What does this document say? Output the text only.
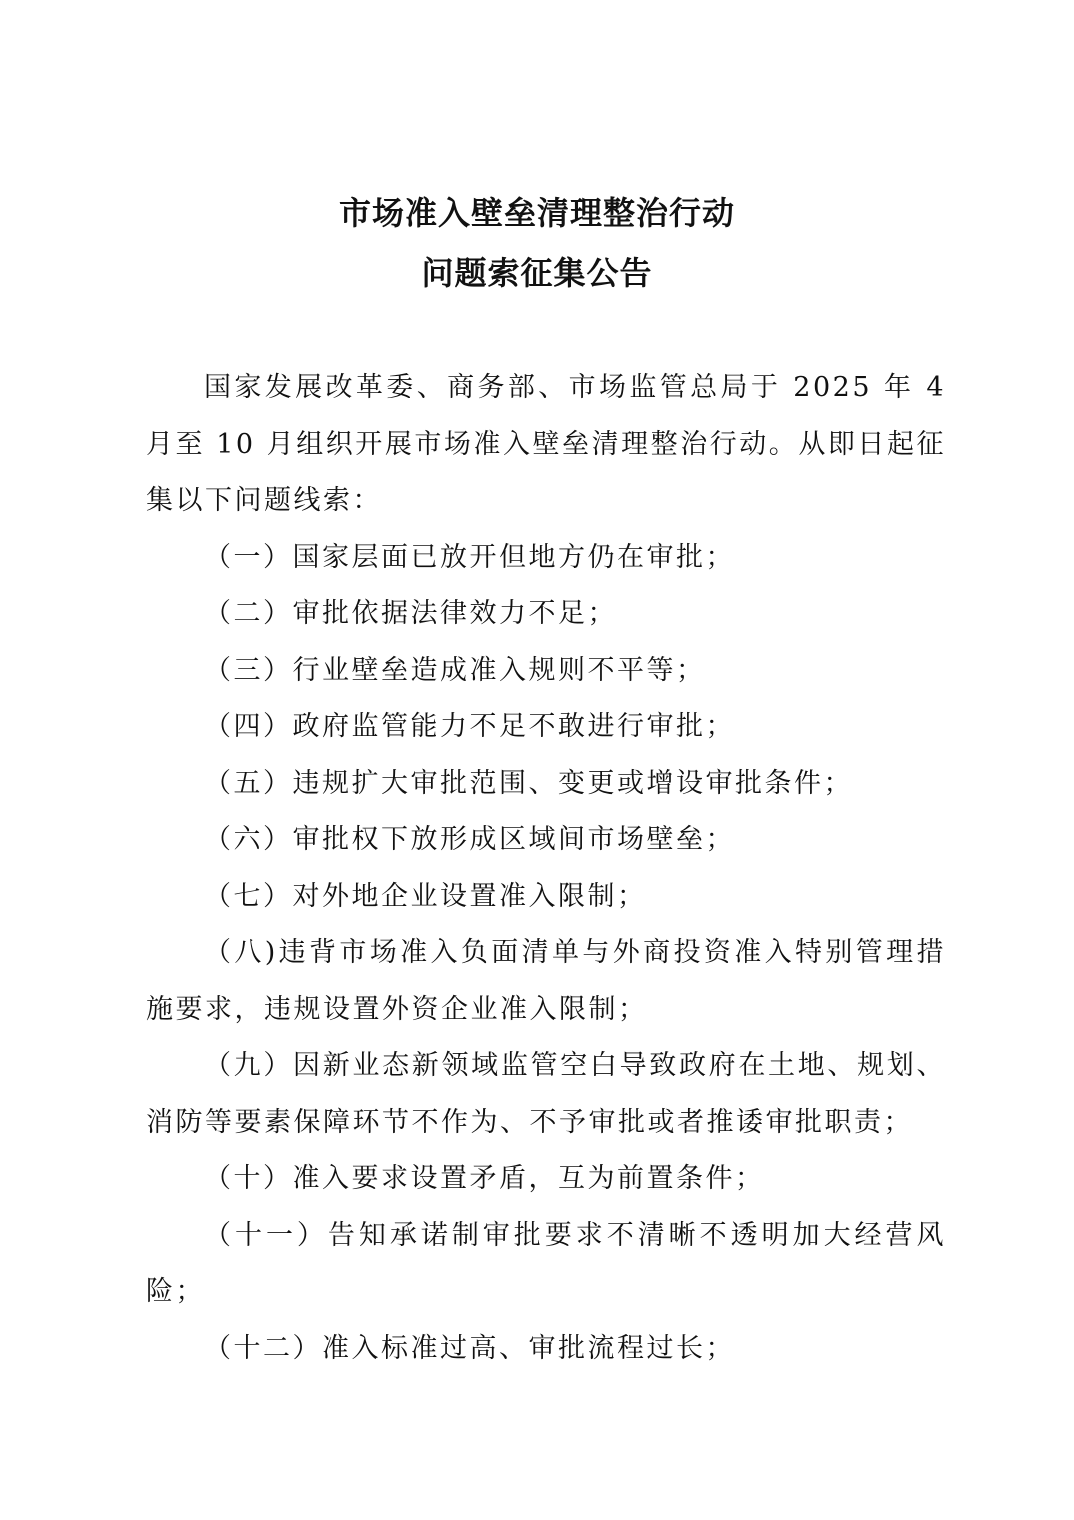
市场准入壁垒清理整治行动
问题索征集公告

国家发展改革委、商务部、市场监管总局于 2025 年 4 月至 10 月组织开展市场准入壁垒清理整治行动。从即日起征集以下问题线索：

（一）国家层面已放开但地方仍在审批；

（二）审批依据法律效力不足；

（三）行业壁垒造成准入规则不平等；

（四）政府监管能力不足不敢进行审批；

（五）违规扩大审批范围、变更或增设审批条件；

（六）审批权下放形成区域间市场壁垒；

（七）对外地企业设置准入限制；

（八)违背市场准入负面清单与外商投资准入特别管理措施要求，违规设置外资企业准入限制；

（九）因新业态新领域监管空白导致政府在土地、规划、消防等要素保障环节不作为、不予审批或者推诿审批职责；

（十）准入要求设置矛盾，互为前置条件；

（十一）告知承诺制审批要求不清晰不透明加大经营风险；

（十二）准入标准过高、审批流程过长；
